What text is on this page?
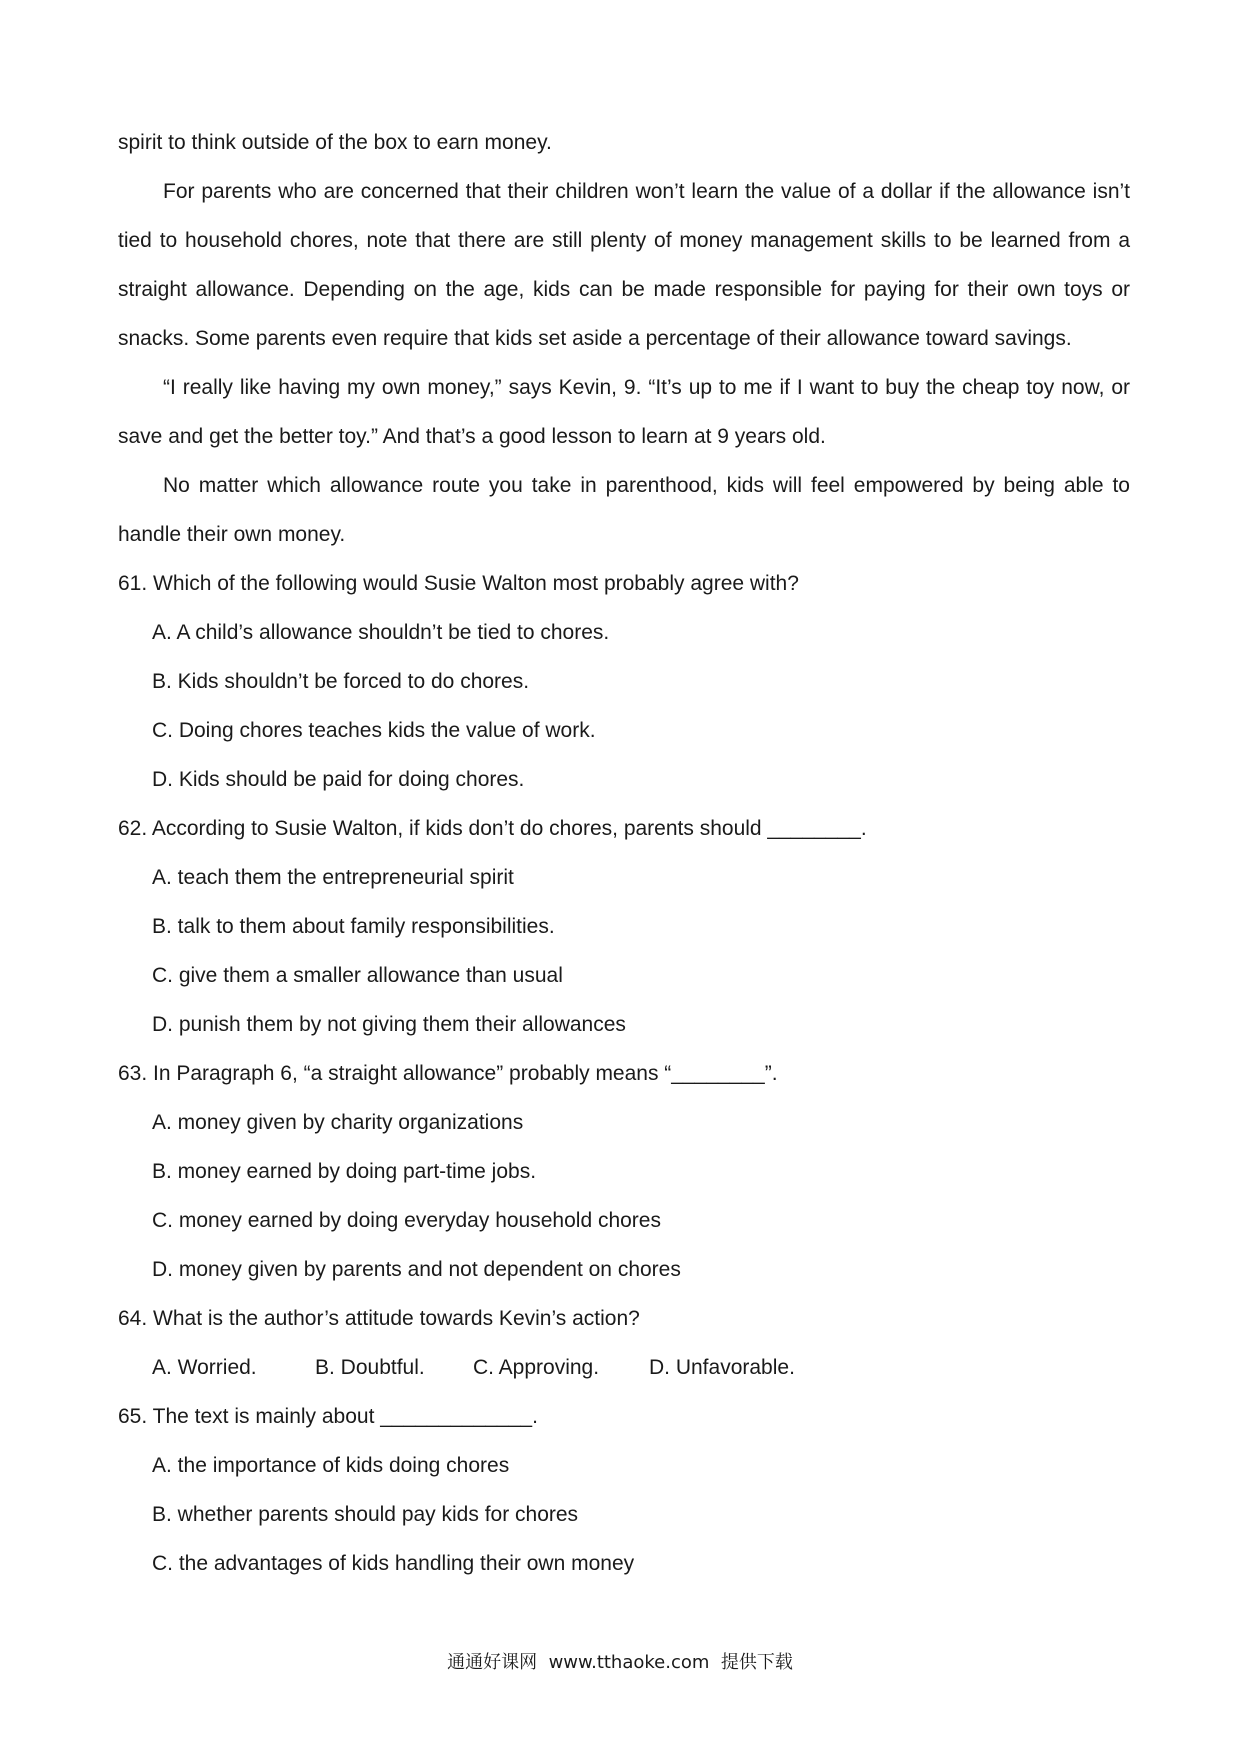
spirit to think outside of the box to earn money.
For parents who are concerned that their children won’t learn the value of a dollar if the allowance isn’t tied to household chores, note that there are still plenty of money management skills to be learned from a straight allowance. Depending on the age, kids can be made responsible for paying for their own toys or snacks. Some parents even require that kids set aside a percentage of their allowance toward savings.
“I really like having my own money,” says Kevin, 9. “It’s up to me if I want to buy the cheap toy now, or save and get the better toy.” And that’s a good lesson to learn at 9 years old.
No matter which allowance route you take in parenthood, kids will feel empowered by being able to handle their own money.
61. Which of the following would Susie Walton most probably agree with?
A. A child’s allowance shouldn’t be tied to chores.
B. Kids shouldn’t be forced to do chores.
C. Doing chores teaches kids the value of work.
D. Kids should be paid for doing chores.
62. According to Susie Walton, if kids don’t do chores, parents should ________.
A. teach them the entrepreneurial spirit
B. talk to them about family responsibilities.
C. give them a smaller allowance than usual
D. punish them by not giving them their allowances
63. In Paragraph 6, “a straight allowance” probably means “________”.
A. money given by charity organizations
B. money earned by doing part-time jobs.
C. money earned by doing everyday household chores
D. money given by parents and not dependent on chores
64. What is the author’s attitude towards Kevin’s action?
A. Worried.	B. Doubtful. C. Approving. D. Unfavorable.
65. The text is mainly about _____________.
A. the importance of kids doing chores
B. whether parents should pay kids for chores
C. the advantages of kids handling their own money
通通好课网  www.tthaoke.com  提供下载
